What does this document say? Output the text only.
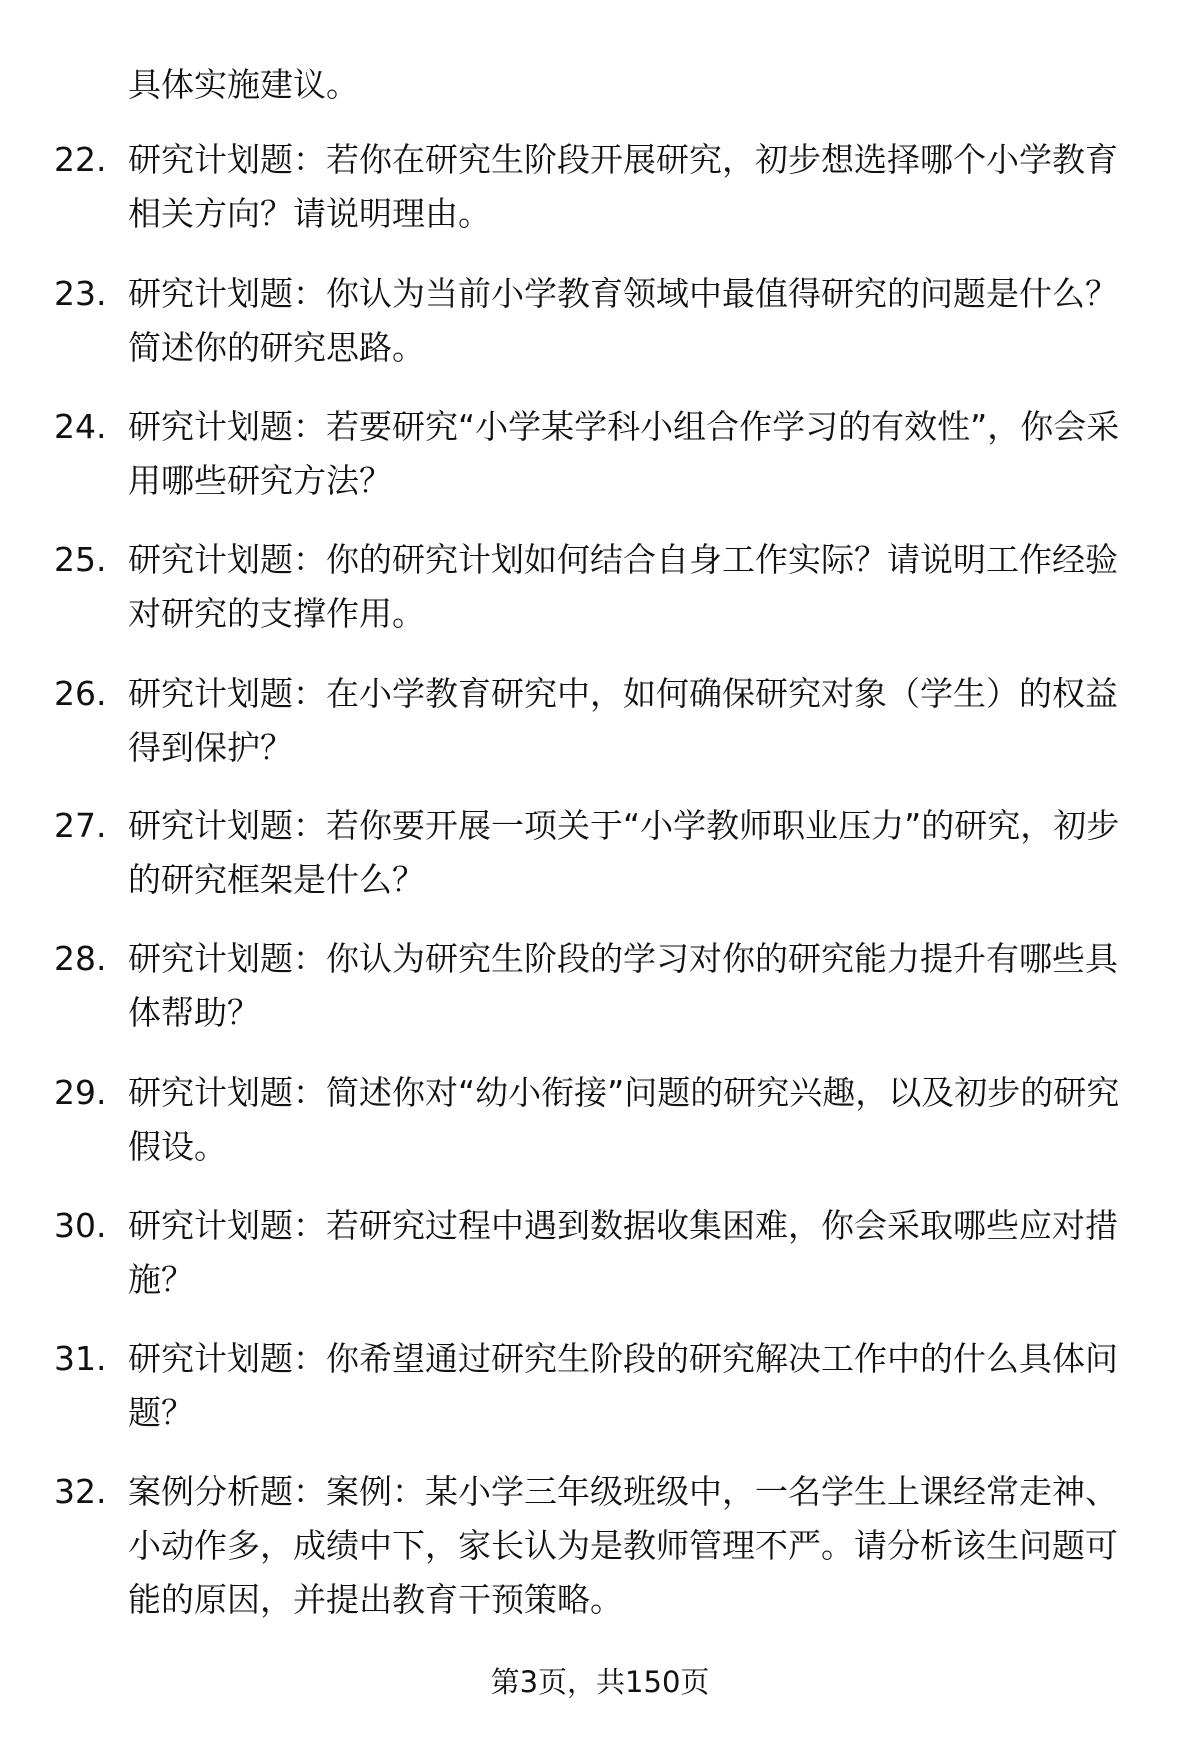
具体实施建议。
22. 研究计划题：若你在研究生阶段开展研究，初步想选择哪个小学教育相关方向？请说明理由。
23. 研究计划题：你认为当前小学教育领域中最值得研究的问题是什么？简述你的研究思路。
24. 研究计划题：若要研究“小学某学科小组合作学习的有效性”，你会采用哪些研究方法？
25. 研究计划题：你的研究计划如何结合自身工作实际？请说明工作经验对研究的支撑作用。
26. 研究计划题：在小学教育研究中，如何确保研究对象（学生）的权益得到保护？
27. 研究计划题：若你要开展一项关于“小学教师职业压力”的研究，初步的研究框架是什么？
28. 研究计划题：你认为研究生阶段的学习对你的研究能力提升有哪些具体帮助？
29. 研究计划题：简述你对“幼小衔接”问题的研究兴趣，以及初步的研究假设。
30. 研究计划题：若研究过程中遇到数据收集困难，你会采取哪些应对措施？
31. 研究计划题：你希望通过研究生阶段的研究解决工作中的什么具体问题？
32. 案例分析题：案例：某小学三年级班级中，一名学生上课经常走神、小动作多，成绩中下，家长认为是教师管理不严。请分析该生问题可能的原因，并提出教育干预策略。
第3页，共150页
